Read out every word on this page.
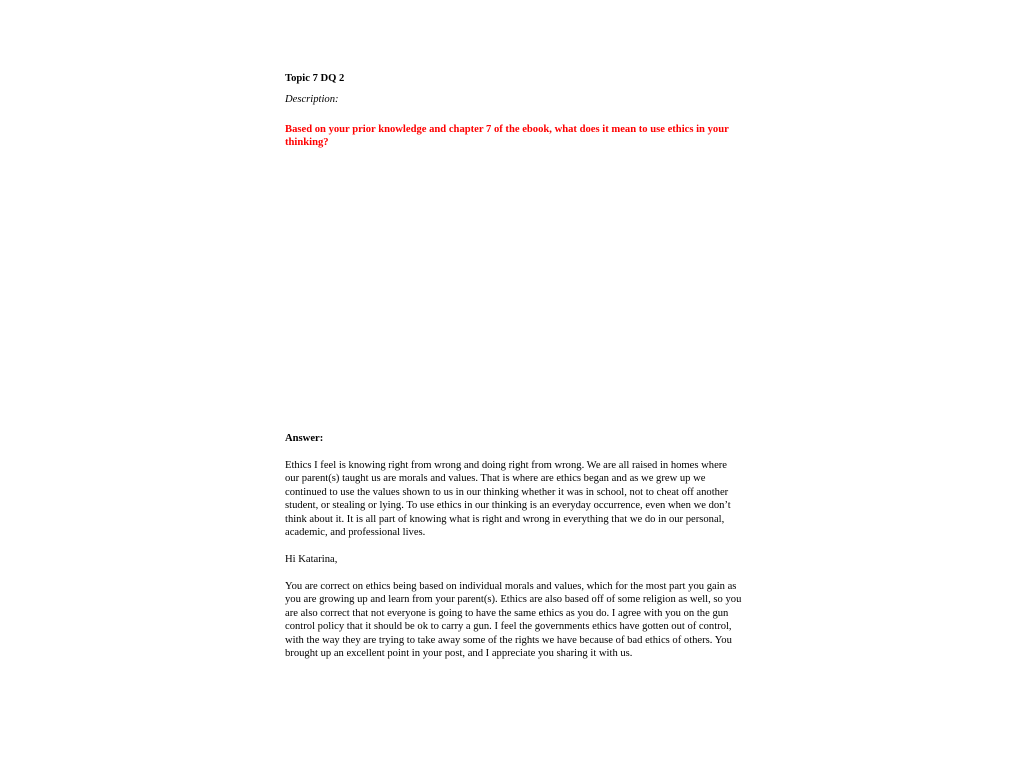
Topic 7 DQ 2

Description:

Based on your prior knowledge and chapter 7 of the ebook, what does it mean to use ethics in your thinking?

Answer:

Ethics I feel is knowing right from wrong and doing right from wrong. We are all raised in homes where our parent(s) taught us are morals and values. That is where are ethics began and as we grew up we continued to use the values shown to us in our thinking whether it was in school, not to cheat off another student, or stealing or lying. To use ethics in our thinking is an everyday occurrence, even when we don’t think about it. It is all part of knowing what is right and wrong in everything that we do in our personal, academic, and professional lives.

Hi Katarina,

You are correct on ethics being based on individual morals and values, which for the most part you gain as you are growing up and learn from your parent(s). Ethics are also based off of some religion as well, so you are also correct that not everyone is going to have the same ethics as you do. I agree with you on the gun control policy that it should be ok to carry a gun. I feel the governments ethics have gotten out of control, with the way they are trying to take away some of the rights we have because of bad ethics of others. You brought up an excellent point in your post, and I appreciate you sharing it with us.
